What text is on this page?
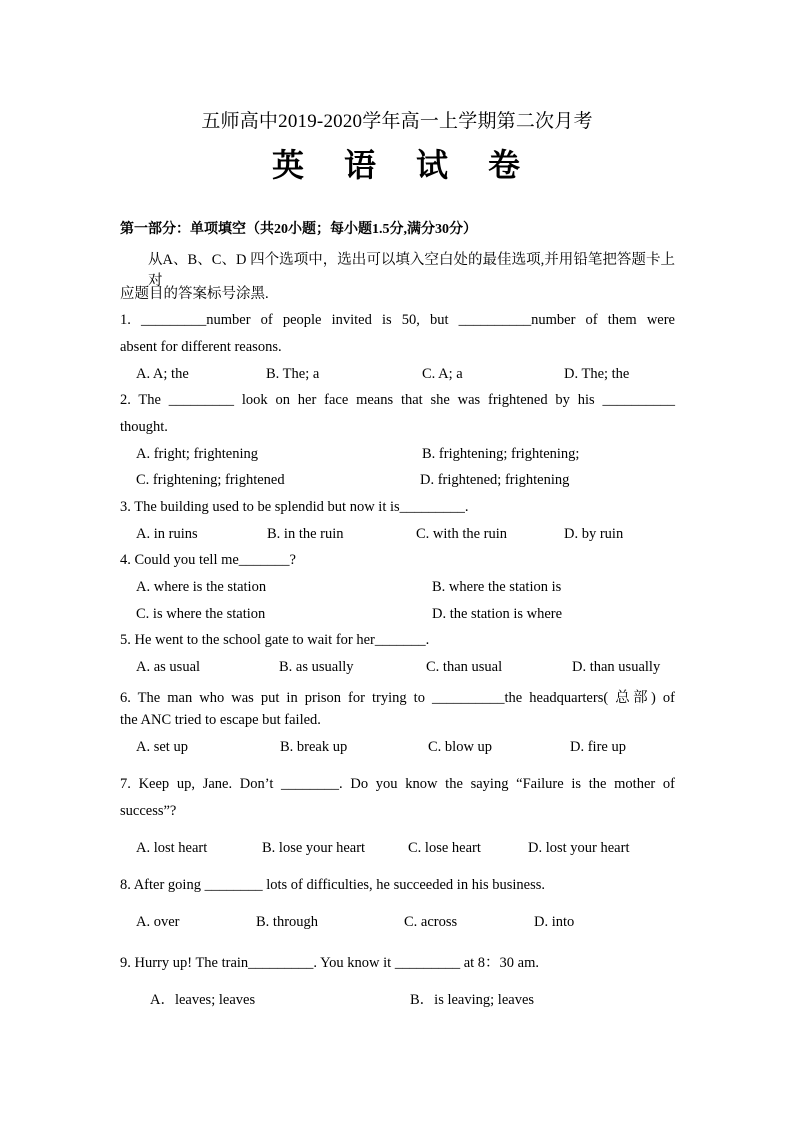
五师高中2019-2020学年高一上学期第二次月考
英 语 试 卷
第一部分：单项填空（共20小题；每小题1.5分,满分30分）
从A、B、C、D 四个选项中，选出可以填入空白处的最佳选项,并用铅笔把答题卡上对
应题目的答案标号涂黑.
1. _________number of people invited is 50, but __________number of them were
absent for different reasons.
A. A; the	B. The; a	C. A; a	D. The; the
2. The _________ look on her face means that she was frightened by his __________
thought.
A. fright; frightening	B. frightening; frightening;
C. frightening; frightened	D. frightened; frightening
3. The building used to be splendid but now it is_________.
A. in ruins	B. in the ruin	C. with the ruin	D. by ruin
4. Could you tell me_______?
A. where is the station	B. where the station is
C. is where the station	D. the station is where
5. He went to the school gate to wait for her_______.
A. as usual	B. as usually	C. than usual	D. than usually
6. The man who was put in prison for trying to __________the headquarters( 总部) of
the ANC tried to escape but failed.
A. set up	B. break up	C. blow up	D. fire up
7. Keep up, Jane. Don’t ________. Do you know the saying “Failure is the mother of
success”?
A. lost heart	B. lose your heart	C. lose heart	D. lost your heart
8. After going ________ lots of difficulties, he succeeded in his business.
A. over	B. through	C. across	D. into
9. Hurry up! The train_________. You know it _________ at 8：30 am.
A．leaves; leaves	B．is leaving; leaves
